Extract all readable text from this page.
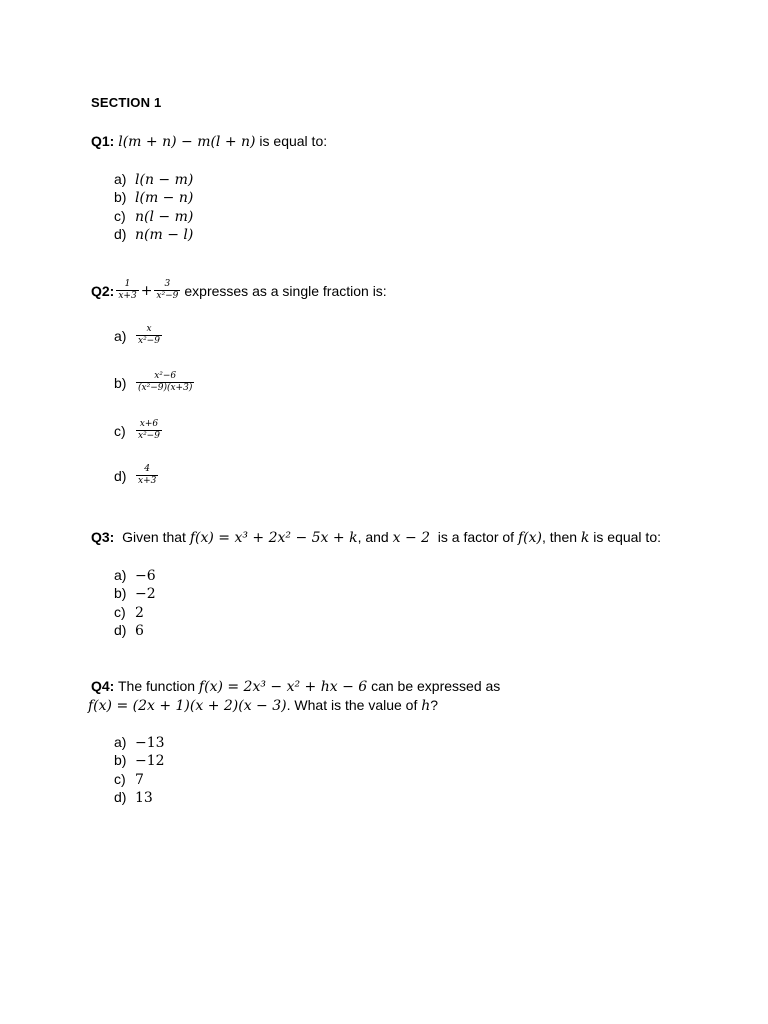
SECTION 1
Q1: l(m + n) − m(l + n) is equal to:
a) l(n − m)
b) l(m − n)
c) n(l − m)
d) n(m − l)
Q2: $\frac{1}{x+3} + \frac{3}{\text{x²−9}}$ expresses as a single fraction is:
a)	$\frac{x}{\text{x²−9}}$
b)	$\frac{\text{x²−6}}{\text{(x²−9)(x+3)}}$
c)	$\frac{x+6}{\text{x²−9}}$
d)	$\frac{4}{x+3}$
Q3:  Given that f(x) = x³ + 2x² − 5x + k, and x − 2  is a factor of f(x), then k is equal to:
a) −6
b) −2
c) 2
d) 6
Q4: The function f(x) = 2x³ − x² + hx − 6 can be expressed as
f(x) = (2x + 1)(x + 2)(x − 3). What is the value of h?
a) −13
b) −12
c) 7
d) 13
